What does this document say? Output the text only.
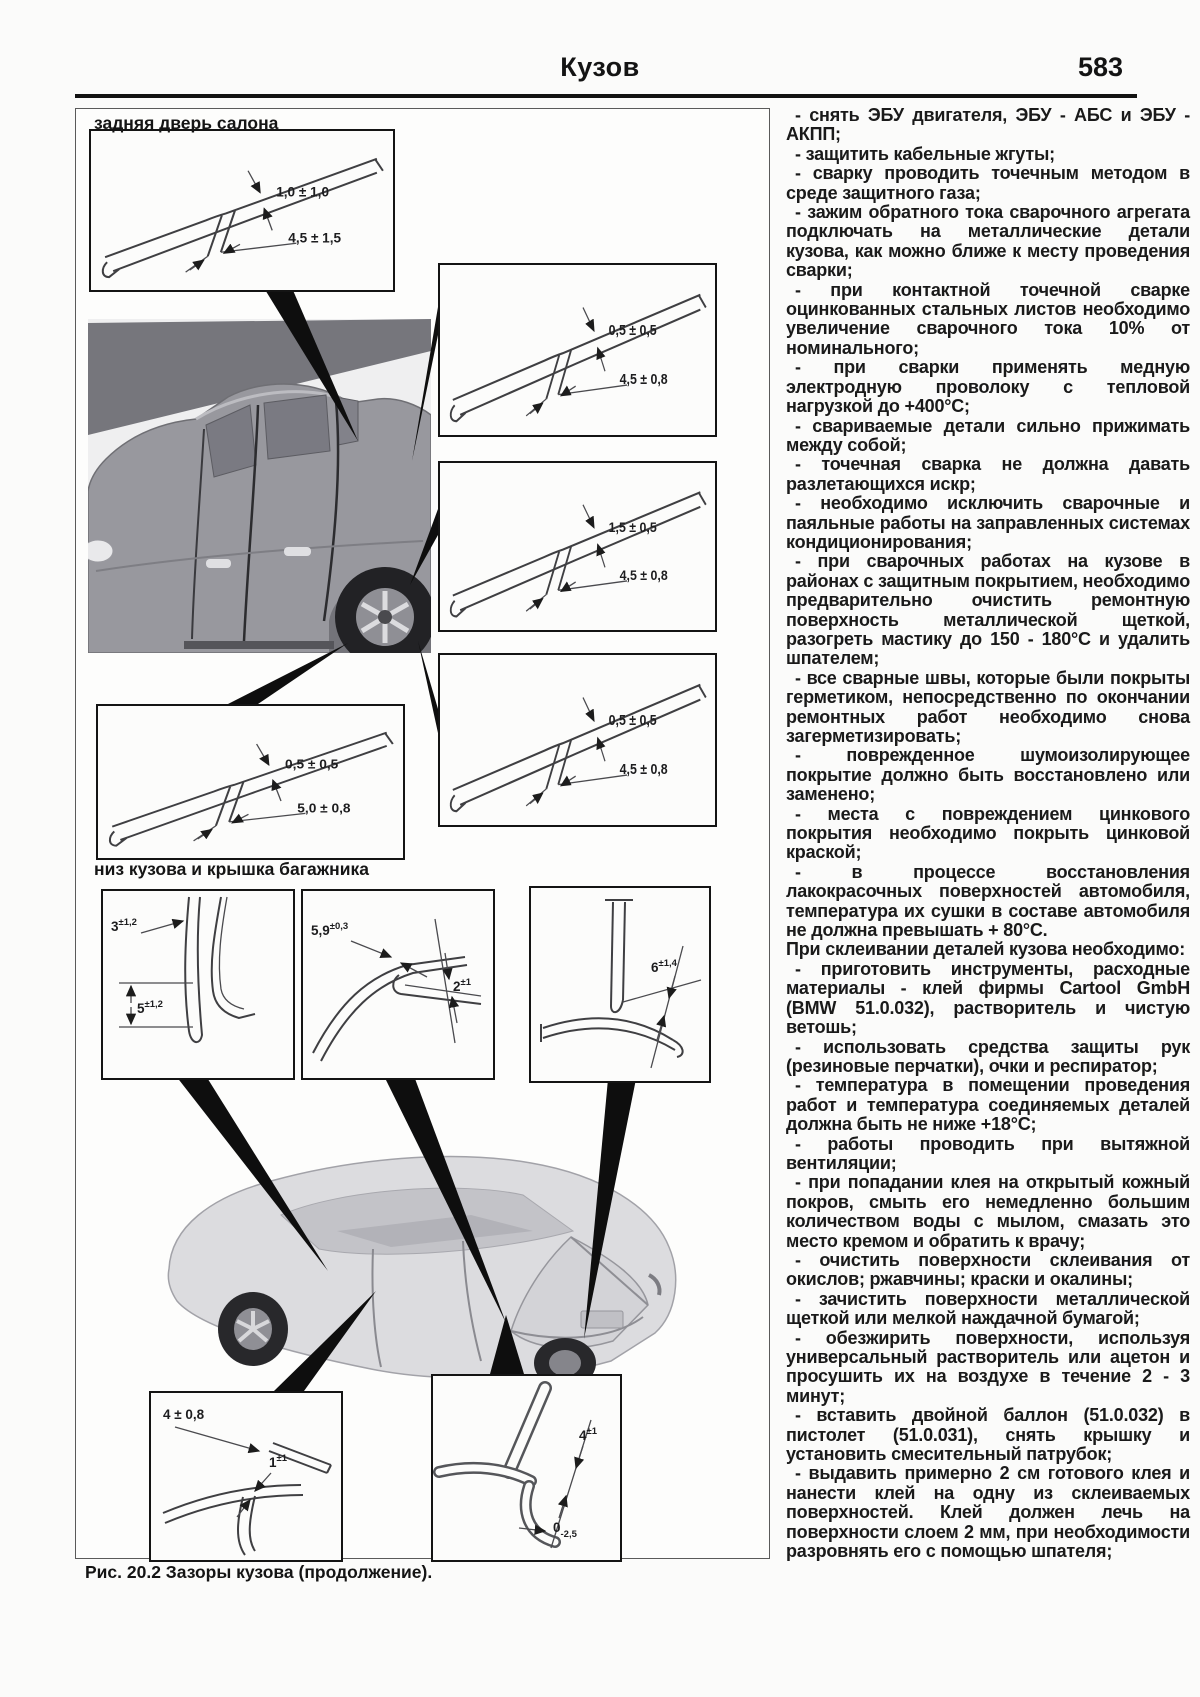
Кузов	583
задняя дверь салона
1,0 ± 1,0
4,5 ± 1,5
0,5 ± 0,5
4,5 ± 0,8
1,5 ± 0,5
4,5 ± 0,8
0,5 ± 0,5
4,5 ± 0,8
0,5 ± 0,5
5,0 ± 0,8
низ кузова и крышка багажника
$3^{\pm 1,2}$
$5^{\pm 1,2}$
$5,9^{\pm 0,3}$
$2^{\pm 1}$
$6^{\pm 1,4}$
4 ± 0,8
$1^{\pm 1}$
$4^{\pm 1}$
$0_{-2,5}$
Рис. 20.2 Зазоры кузова (продолжение).

- снять ЭБУ двигателя, ЭБУ - АБС и ЭБУ - АКПП;

- защитить кабельные жгуты;

- сварку проводить точечным методом в среде защитного газа;

- зажим обратного тока сварочного агрегата подключать на металлические детали кузова, как можно ближе к месту проведения сварки;

- при контактной точечной сварке оцинкованных стальных листов необходимо увеличение сварочного тока 10% от номинального;

- при сварки применять медную электродную проволоку с тепловой нагрузкой до +400°С;

- свариваемые детали сильно прижимать между собой;

- точечная сварка не должна давать разлетающихся искр;

- необходимо исключить сварочные и паяльные работы на заправленных системах кондиционирования;

- при сварочных работах на кузове в районах с защитным покрытием, необходимо предварительно очистить ремонтную поверхность металлической щеткой, разогреть мастику до 150 - 180°С и удалить шпателем;

- все сварные швы, которые были покрыты герметиком, непосредственно по окончании ремонтных работ необходимо снова загерметизировать;

- поврежденное шумоизолирующее покрытие должно быть восстановлено или заменено;

- места с повреждением цинкового покрытия необходимо покрыть цинковой краской;

- в процессе восстановления лакокрасочных поверхностей автомобиля, температура их сушки в составе автомобиля не должна превышать + 80°С.

При склеивании деталей кузова необходимо:

- приготовить инструменты, расходные материалы - клей фирмы Cartool GmbH (BMW 51.0.032), растворитель и чистую ветошь;

- использовать средства защиты рук (резиновые перчатки), очки и респиратор;

- температура в помещении проведения работ и температура соединяемых деталей должна быть не ниже +18°С;

- работы проводить при вытяжной вентиляции;

- при попадании клея на открытый кожный покров, смыть его немедленно большим количеством воды с мылом, смазать это место кремом и обратить к врачу;

- очистить поверхности склеивания от окислов; ржавчины; краски и окалины;

- зачистить поверхности металлической щеткой или мелкой наждачной бумагой;

- обезжирить поверхности, используя универсальный растворитель или ацетон и просушить их на воздухе в течение 2 - 3 минут;

- вставить двойной баллон (51.0.032) в пистолет (51.0.031), снять крышку и установить смесительный патрубок;

- выдавить примерно 2 см готового клея и нанести клей на одну из склеиваемых поверхностей. Клей должен лечь на поверхности слоем 2 мм, при необходимости разровнять его с помощью шпателя;
